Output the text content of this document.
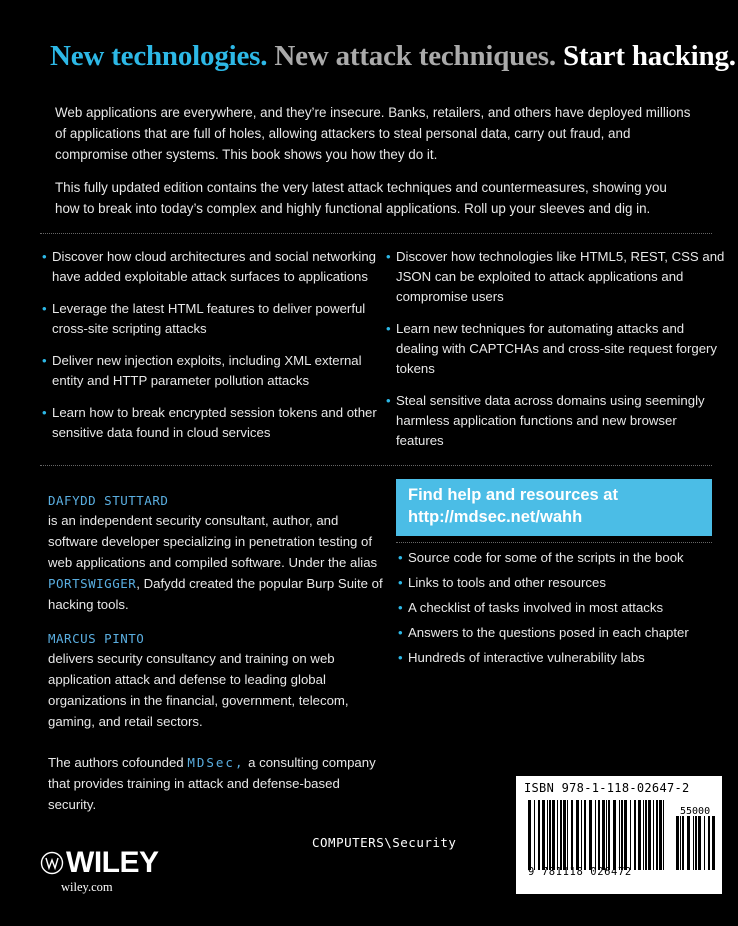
New technologies. New attack techniques. Start hacking.

Web applications are everywhere, and they’re insecure. Banks, retailers, and others have deployed millions of applications that are full of holes, allowing attackers to steal personal data, carry out fraud, and compromise other systems. This book shows you how they do it.

This fully updated edition contains the very latest attack techniques and countermeasures, showing you how to break into today’s complex and highly functional applications. Roll up your sleeves and dig in.

• Discover how cloud architectures and social networking have added exploitable attack surfaces to applications
• Leverage the latest HTML features to deliver powerful cross-site scripting attacks
• Deliver new injection exploits, including XML external entity and HTTP parameter pollution attacks
• Learn how to break encrypted session tokens and other sensitive data found in cloud services
• Discover how technologies like HTML5, REST, CSS and JSON can be exploited to attack applications and compromise users
• Learn new techniques for automating attacks and dealing with CAPTCHAs and cross-site request forgery tokens
• Steal sensitive data across domains using seemingly harmless application functions and new browser features
DAFYDD STUTTARD

is an independent security consultant, author, and software developer specializing in penetration testing of web applications and compiled software. Under the alias PORTSWIGGER, Dafydd created the popular Burp Suite of hacking tools.

MARCUS PINTO

delivers security consultancy and training on web application attack and defense to leading global organizations in the financial, government, telecom, gaming, and retail sectors.

The authors cofounded MDSec, a consulting company that provides training in attack and defense-based security.

Find help and resources at
http://mdsec.net/wahh
• Source code for some of the scripts in the book
• Links to tools and other resources
• A checklist of tasks involved in most attacks
• Answers to the questions posed in each chapter
• Hundreds of interactive vulnerability labs
COMPUTERS\Security
WILEY
wiley.com
ISBN 978-1-118-02647-2
55000
9 781118 026472
